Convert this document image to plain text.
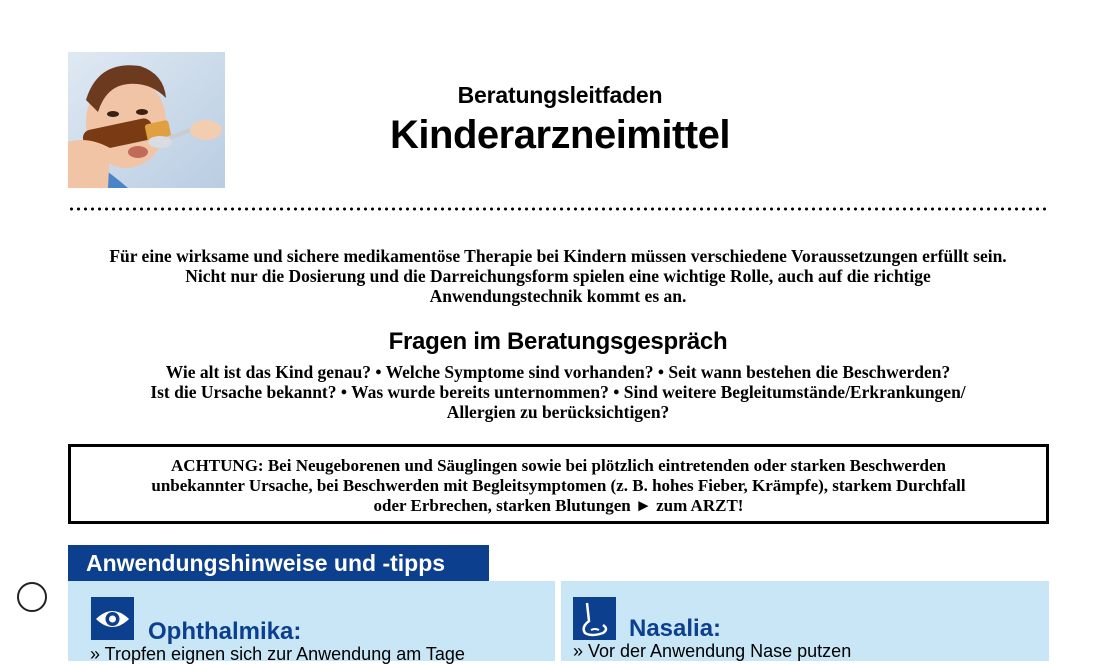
Beratungsleitfaden
Kinderarzneimittel
Für eine wirksame und sichere medikamentöse Therapie bei Kindern müssen verschiedene Voraussetzungen erfüllt sein.
Nicht nur die Dosierung und die Darreichungsform spielen eine wichtige Rolle, auch auf die richtige
Anwendungstechnik kommt es an.
Fragen im Beratungsgespräch
Wie alt ist das Kind genau? • Welche Symptome sind vorhanden? • Seit wann bestehen die Beschwerden?
Ist die Ursache bekannt? • Was wurde bereits unternommen? • Sind weitere Begleitumstände/Erkrankungen/
Allergien zu berücksichtigen?
ACHTUNG: Bei Neugeborenen und Säuglingen sowie bei plötzlich eintretenden oder starken Beschwerden
unbekannter Ursache, bei Beschwerden mit Begleitsymptomen (z. B. hohes Fieber, Krämpfe), starkem Durchfall
oder Erbrechen, starken Blutungen ► zum ARZT!
Anwendungshinweise und -tipps
Ophthalmika:
» Tropfen eignen sich zur Anwendung am Tage
Nasalia:
» Vor der Anwendung Nase putzen
